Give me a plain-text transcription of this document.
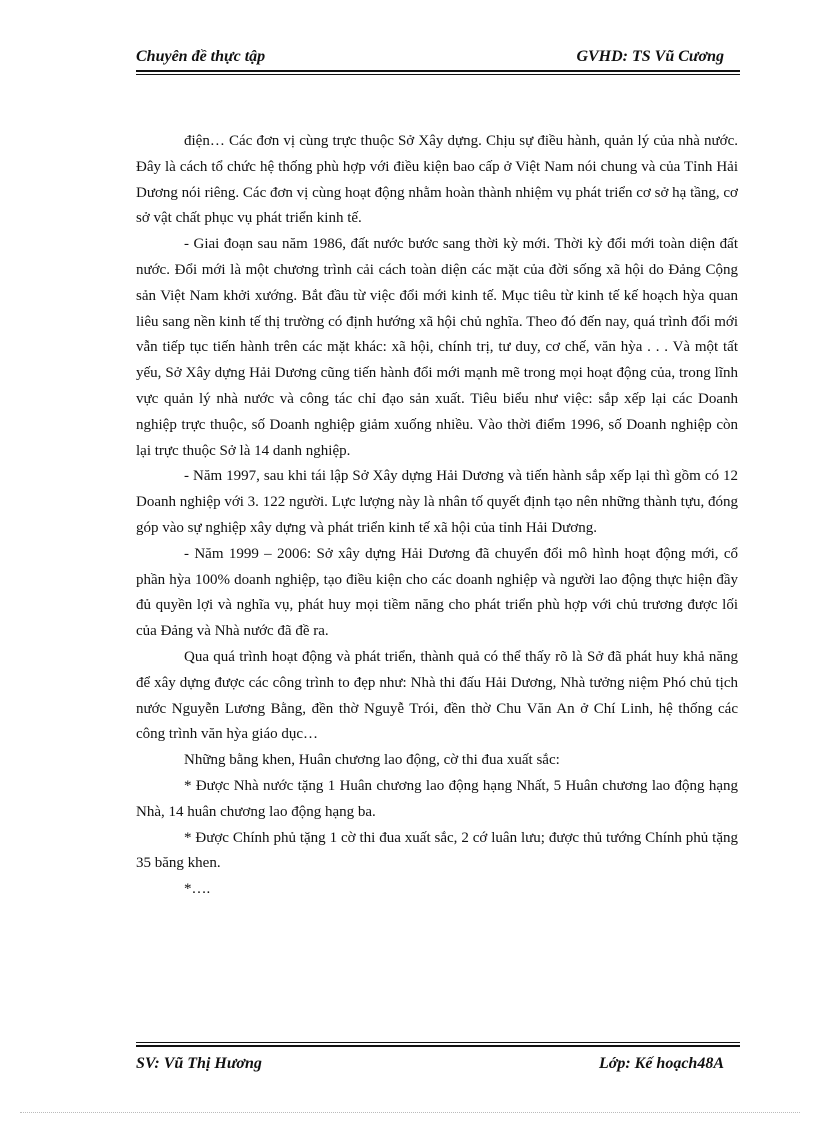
Chuyên đề thực tập	GVHD: TS Vũ Cương

điện… Các đơn vị cùng trực thuộc Sở Xây dựng. Chịu sự điều hành, quản lý của nhà nước. Đây là cách tổ chức hệ thống phù hợp với điều kiện bao cấp ở Việt Nam nói chung và của Tỉnh Hải Dương nói riêng. Các đơn vị cùng hoạt động nhằm hoàn thành nhiệm vụ phát triển cơ sở hạ tầng, cơ sở vật chất phục vụ phát triển kinh tế.

- Giai đoạn sau năm 1986, đất nước bước sang thời kỳ mới. Thời kỳ đổi mới toàn diện đất nước. Đổi mới là một chương trình cải cách toàn diện các mặt của đời sống xã hội do Đảng Cộng sản Việt Nam khởi xướng. Bắt đầu từ việc đổi mới kinh tế. Mục tiêu từ kinh tế kế hoạch hỳa quan liêu sang nền kinh tế thị trường có định hướng xã hội chủ nghĩa. Theo đó đến nay, quá trình đổi mới vẫn tiếp tục tiến hành trên các mặt khác: xã hội, chính trị, tư duy, cơ chế, văn hỳa . . . Và một tất yếu, Sở Xây dựng Hải Dương cũng tiến hành đổi mới mạnh mẽ trong mọi hoạt động của, trong lĩnh vực quản lý nhà nước và công tác chỉ đạo sản xuất. Tiêu biểu như việc: sắp xếp lại các Doanh nghiệp trực thuộc, số Doanh nghiệp giảm xuống nhiều. Vào thời điểm 1996, số Doanh nghiệp còn lại trực thuộc Sở là 14 danh nghiệp.

- Năm 1997, sau khi tái lập Sở Xây dựng Hải Dương và tiến hành sắp xếp lại thì gồm có 12 Doanh nghiệp với 3. 122 người. Lực lượng này là nhân tố quyết định tạo nên những thành tựu, đóng góp vào sự nghiệp xây dựng và phát triển kinh tế xã hội của tỉnh Hải Dương.

- Năm 1999 – 2006: Sở xây dựng Hải Dương đã chuyển đổi mô hình hoạt động mới, cổ phần hỳa 100% doanh nghiệp, tạo điều kiện cho các doanh nghiệp và người lao động thực hiện đầy đủ quyền lợi và nghĩa vụ, phát huy mọi tiềm năng cho phát triển phù hợp với chủ trương được lối của Đảng và Nhà nước đã đề ra.

Qua quá trình hoạt động và phát triển, thành quả có thể thấy rõ là Sở đã phát huy khả năng để xây dựng được các công trình to đẹp như: Nhà thi đấu Hải Dương, Nhà tưởng niệm Phó chủ tịch nước Nguyễn Lương Bằng, đền thờ Nguyễ Trói, đền thờ Chu Văn An ở Chí Linh, hệ thống các công trình văn hỳa giáo dục…

Những bằng khen, Huân chương lao động, cờ thi đua xuất sắc:

* Được Nhà nước tặng 1 Huân chương lao động hạng Nhất, 5 Huân chương lao động hạng Nhà, 14 huân chương lao động hạng ba.

* Được Chính phủ tặng 1 cờ thi đua xuất sắc, 2 cớ luân lưu; được thủ tướng Chính phủ tặng 35 băng khen.

*….

SV: Vũ Thị Hương	Lớp: Kế hoạch48A
